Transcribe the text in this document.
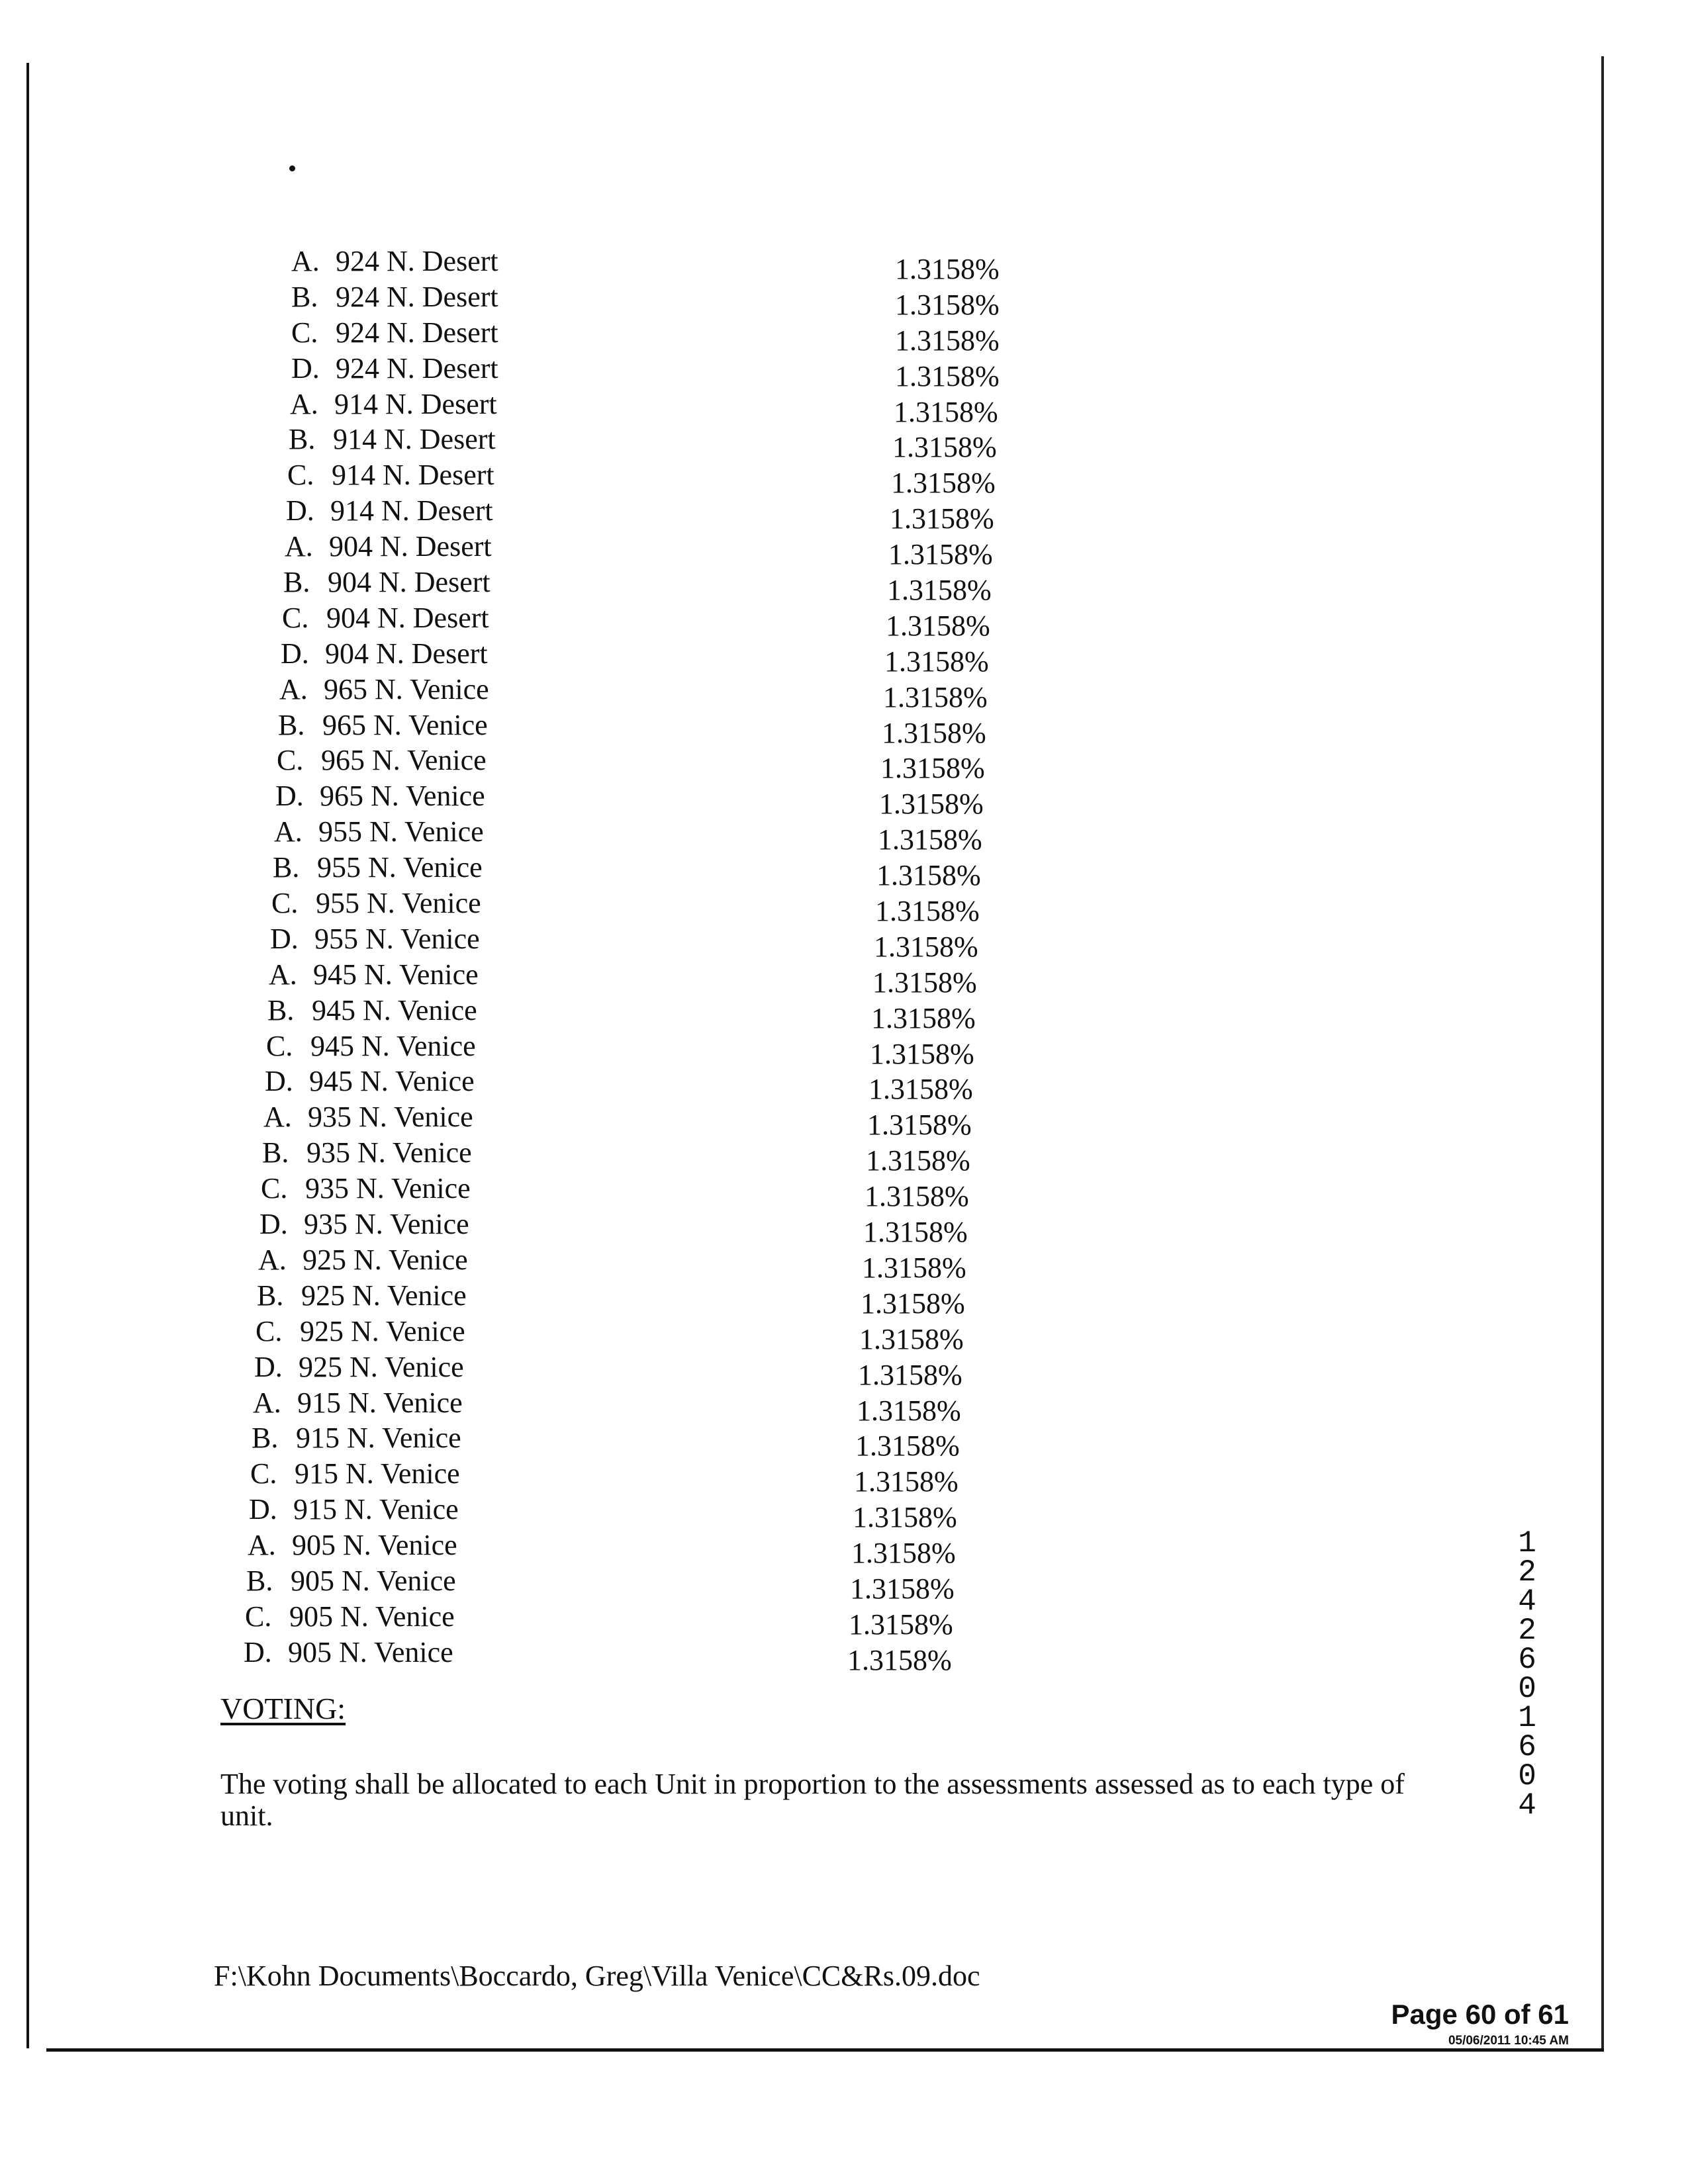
A. 924 N. Desert	1.3158%
B. 924 N. Desert	1.3158%
C. 924 N. Desert	1.3158%
D. 924 N. Desert	1.3158%
A. 914 N. Desert	1.3158%
B. 914 N. Desert	1.3158%
C. 914 N. Desert	1.3158%
D. 914 N. Desert	1.3158%
A. 904 N. Desert	1.3158%
B. 904 N. Desert	1.3158%
C. 904 N. Desert	1.3158%
D. 904 N. Desert	1.3158%
A. 965 N. Venice	1.3158%
B. 965 N. Venice	1.3158%
C. 965 N. Venice	1.3158%
D. 965 N. Venice	1.3158%
A. 955 N. Venice	1.3158%
B. 955 N. Venice	1.3158%
C. 955 N. Venice	1.3158%
D. 955 N. Venice	1.3158%
A. 945 N. Venice	1.3158%
B. 945 N. Venice	1.3158%
C. 945 N. Venice	1.3158%
D. 945 N. Venice	1.3158%
A. 935 N. Venice	1.3158%
B. 935 N. Venice	1.3158%
C. 935 N. Venice	1.3158%
D. 935 N. Venice	1.3158%
A. 925 N. Venice	1.3158%
B. 925 N. Venice	1.3158%
C. 925 N. Venice	1.3158%
D. 925 N. Venice	1.3158%
A. 915 N. Venice	1.3158%
B. 915 N. Venice	1.3158%
C. 915 N. Venice	1.3158%
D. 915 N. Venice	1.3158%
A. 905 N. Venice	1.3158%
B. 905 N. Venice	1.3158%
C. 905 N. Venice	1.3158%
D. 905 N. Venice	1.3158%
VOTING:
The voting shall be allocated to each Unit in proportion to the assessments assessed as to each type of unit.
F:\Kohn Documents\Boccardo, Greg\Villa Venice\CC&Rs.09.doc
Page 60 of 61
05/06/2011 10:45 AM
12426 01604
